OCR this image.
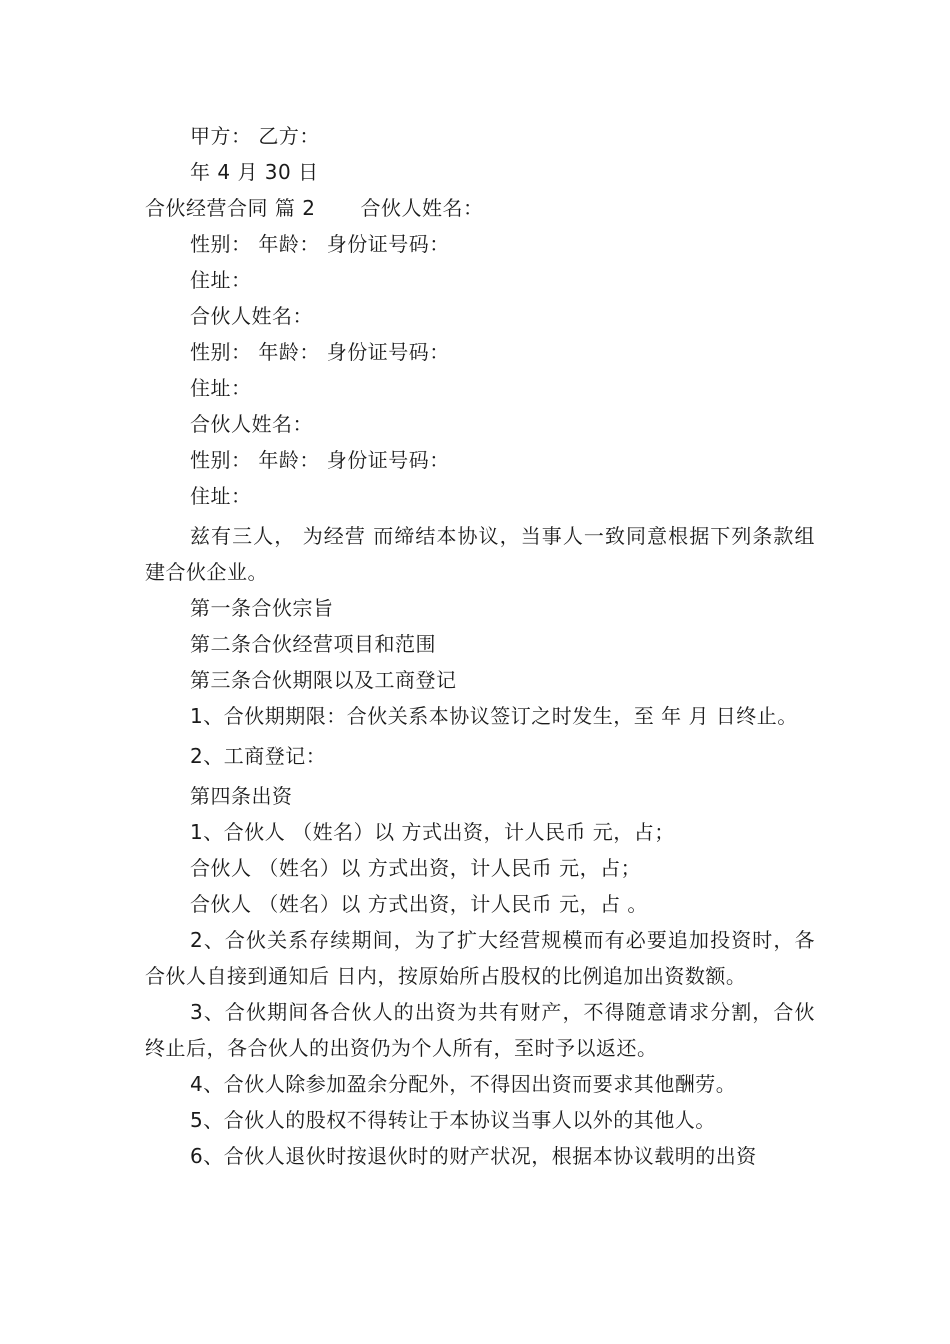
甲方： 乙方：
年 4 月 30 日
合伙经营合同 篇 2 合伙人姓名：
性别： 年龄： 身份证号码：
住址：
合伙人姓名：
性别： 年龄： 身份证号码：
住址：
合伙人姓名：
性别： 年龄： 身份证号码：
住址：

兹有三人， 为经营 而缔结本协议，当事人一致同意根据下列条款组建合伙企业。

第一条合伙宗旨
第二条合伙经营项目和范围
第三条合伙期限以及工商登记

1、合伙期期限：合伙关系本协议签订之时发生，至 年 月 日终止。

2、工商登记：
第四条出资
1、合伙人 （姓名）以 方式出资，计人民币 元，占；
合伙人 （姓名）以 方式出资，计人民币 元，占；
合伙人 （姓名）以 方式出资，计人民币 元，占 。

2、合伙关系存续期间，为了扩大经营规模而有必要追加投资时，各合伙人自接到通知后 日内，按原始所占股权的比例追加出资数额。

3、合伙期间各合伙人的出资为共有财产，不得随意请求分割，合伙终止后，各合伙人的出资仍为个人所有，至时予以返还。

4、合伙人除参加盈余分配外，不得因出资而要求其他酬劳。
5、合伙人的股权不得转让于本协议当事人以外的其他人。
6、合伙人退伙时按退伙时的财产状况，根据本协议载明的出资
